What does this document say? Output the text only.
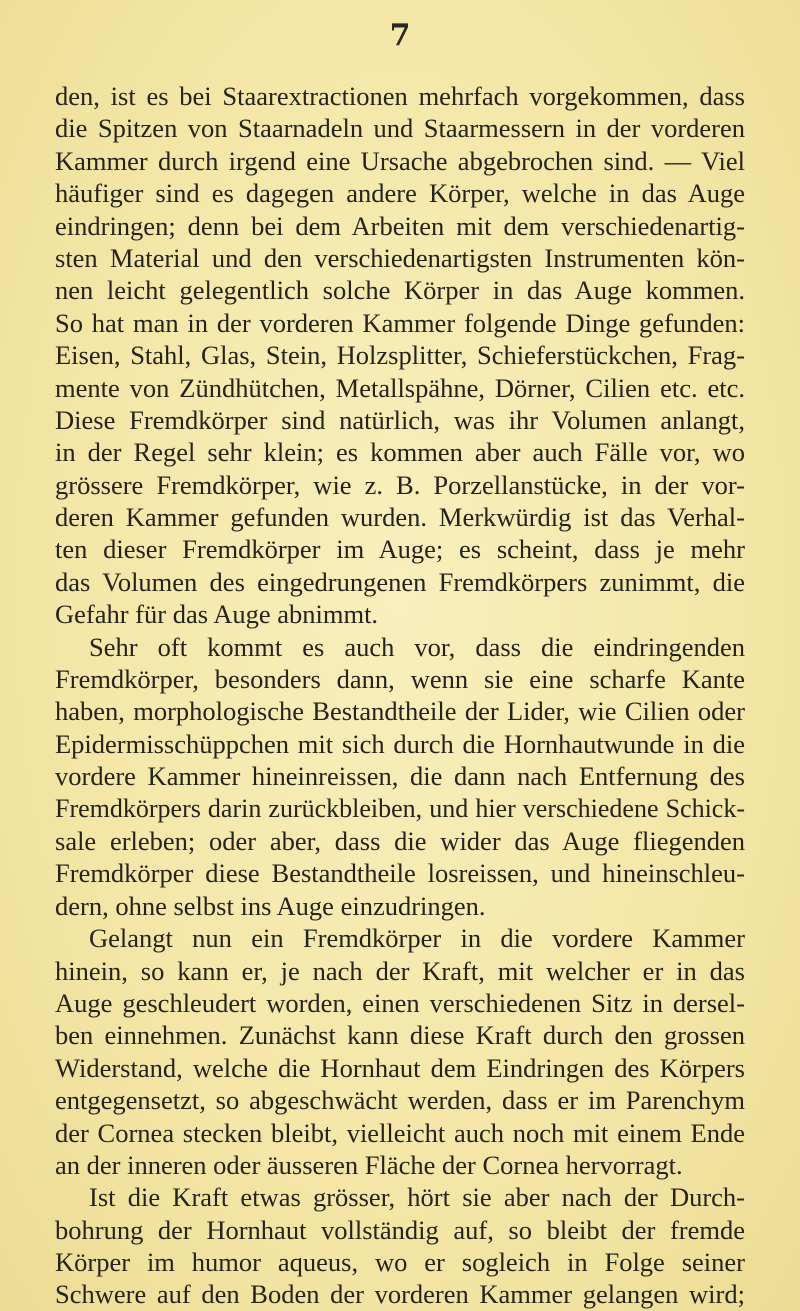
7
den, ist es bei Staarextractionen mehrfach vorgekommen, dass
die Spitzen von Staarnadeln und Staarmessern in der vorderen
Kammer durch irgend eine Ursache abgebrochen sind. — Viel
häufiger sind es dagegen andere Körper, welche in das Auge
eindringen; denn bei dem Arbeiten mit dem verschiedenartig-
sten Material und den verschiedenartigsten Instrumenten kön-
nen leicht gelegentlich solche Körper in das Auge kommen.
So hat man in der vorderen Kammer folgende Dinge gefunden:
Eisen, Stahl, Glas, Stein, Holzsplitter, Schieferstückchen, Frag-
mente von Zündhütchen, Metallspähne, Dörner, Cilien etc. etc.
Diese Fremdkörper sind natürlich, was ihr Volumen anlangt,
in der Regel sehr klein; es kommen aber auch Fälle vor, wo
grössere Fremdkörper, wie z. B. Porzellanstücke, in der vor-
deren Kammer gefunden wurden. Merkwürdig ist das Verhal-
ten dieser Fremdkörper im Auge; es scheint, dass je mehr
das Volumen des eingedrungenen Fremdkörpers zunimmt, die
Gefahr für das Auge abnimmt.
Sehr oft kommt es auch vor, dass die eindringenden
Fremdkörper, besonders dann, wenn sie eine scharfe Kante
haben, morphologische Bestandtheile der Lider, wie Cilien oder
Epidermisschüppchen mit sich durch die Hornhautwunde in die
vordere Kammer hineinreissen, die dann nach Entfernung des
Fremdkörpers darin zurückbleiben, und hier verschiedene Schick-
sale erleben; oder aber, dass die wider das Auge fliegenden
Fremdkörper diese Bestandtheile losreissen, und hineinschleu-
dern, ohne selbst ins Auge einzudringen.
Gelangt nun ein Fremdkörper in die vordere Kammer
hinein, so kann er, je nach der Kraft, mit welcher er in das
Auge geschleudert worden, einen verschiedenen Sitz in dersel-
ben einnehmen. Zunächst kann diese Kraft durch den grossen
Widerstand, welche die Hornhaut dem Eindringen des Körpers
entgegensetzt, so abgeschwächt werden, dass er im Parenchym
der Cornea stecken bleibt, vielleicht auch noch mit einem Ende
an der inneren oder äusseren Fläche der Cornea hervorragt.
Ist die Kraft etwas grösser, hört sie aber nach der Durch-
bohrung der Hornhaut vollständig auf, so bleibt der fremde
Körper im humor aqueus, wo er sogleich in Folge seiner
Schwere auf den Boden der vorderen Kammer gelangen wird;
